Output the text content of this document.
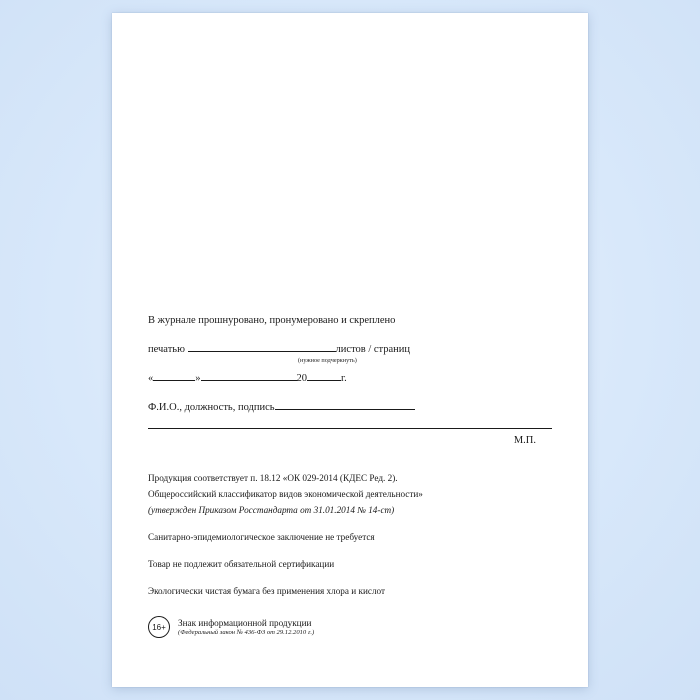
В журнале прошнуровано, пронумеровано и скреплено

печатью	листов / страниц
(нужное подчеркнуть)
«	»	20	г.
Ф.И.О., должность, подпись
М.П.

Продукция соответствует п. 18.12 «ОК 029-2014 (КДЕС Ред. 2).

Общероссийский классификатор видов экономической деятельности»

(утвержден Приказом Росстандарта от 31.01.2014 № 14-ст)

Санитарно-эпидемиологическое заключение не требуется

Товар не подлежит обязательной сертификации

Экологически чистая бумага без применения хлора и кислот

16+	Знак информационной продукции
(Федеральный закон № 436-ФЗ от 29.12.2010 г.)
